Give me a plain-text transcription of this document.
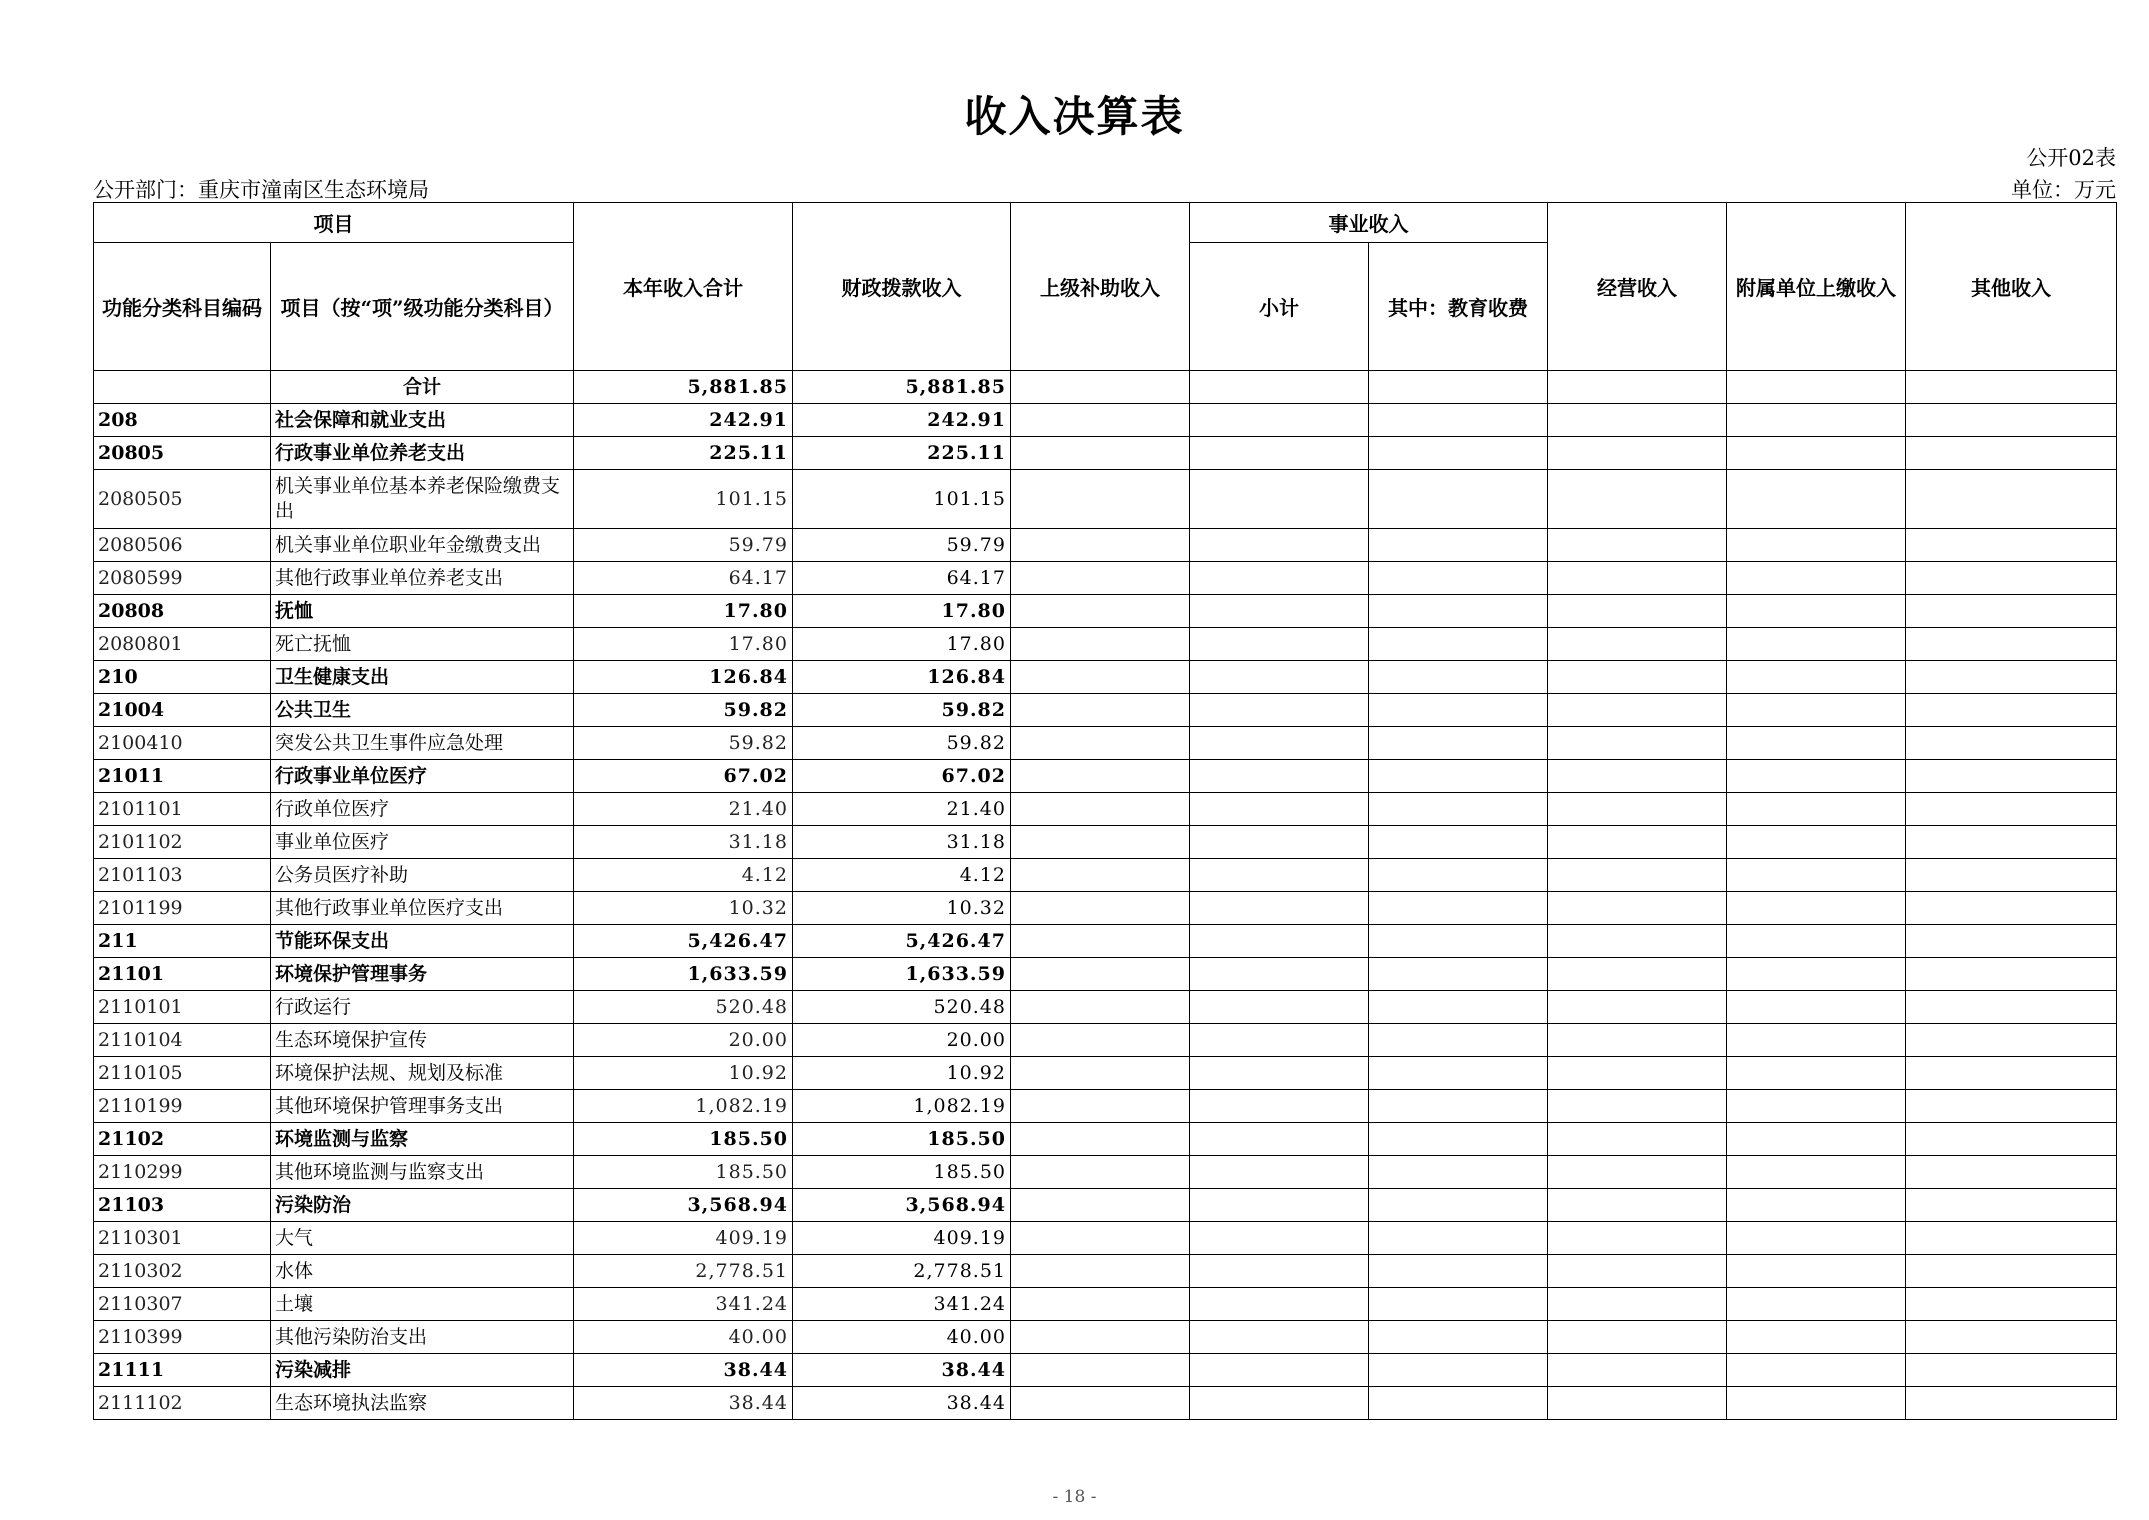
收入决算表
公开02表
公开部门：重庆市潼南区生态环境局	单位：万元
项目		本年收入合计	财政拨款收入	上级补助收入	事业收入		经营收入	附属单位上缴收入	其他收入
功能分类科目编码	项目（按“项”级功能分类科目）				小计	其中：教育收费			
	合计	5,881.85	5,881.85						
208	社会保障和就业支出	242.91	242.91						
20805	行政事业单位养老支出	225.11	225.11						
2080505	机关事业单位基本养老保险缴费支出	101.15	101.15						
2080506	机关事业单位职业年金缴费支出	59.79	59.79						
2080599	其他行政事业单位养老支出	64.17	64.17						
20808	抚恤	17.80	17.80						
2080801	死亡抚恤	17.80	17.80						
210	卫生健康支出	126.84	126.84						
21004	公共卫生	59.82	59.82						
2100410	突发公共卫生事件应急处理	59.82	59.82						
21011	行政事业单位医疗	67.02	67.02						
2101101	行政单位医疗	21.40	21.40						
2101102	事业单位医疗	31.18	31.18						
2101103	公务员医疗补助	4.12	4.12						
2101199	其他行政事业单位医疗支出	10.32	10.32						
211	节能环保支出	5,426.47	5,426.47						
21101	环境保护管理事务	1,633.59	1,633.59						
2110101	行政运行	520.48	520.48						
2110104	生态环境保护宣传	20.00	20.00						
2110105	环境保护法规、规划及标准	10.92	10.92						
2110199	其他环境保护管理事务支出	1,082.19	1,082.19						
21102	环境监测与监察	185.50	185.50						
2110299	其他环境监测与监察支出	185.50	185.50						
21103	污染防治	3,568.94	3,568.94						
2110301	大气	409.19	409.19						
2110302	水体	2,778.51	2,778.51						
2110307	土壤	341.24	341.24						
2110399	其他污染防治支出	40.00	40.00						
21111	污染减排	38.44	38.44						
2111102	生态环境执法监察	38.44	38.44						
- 18 -
